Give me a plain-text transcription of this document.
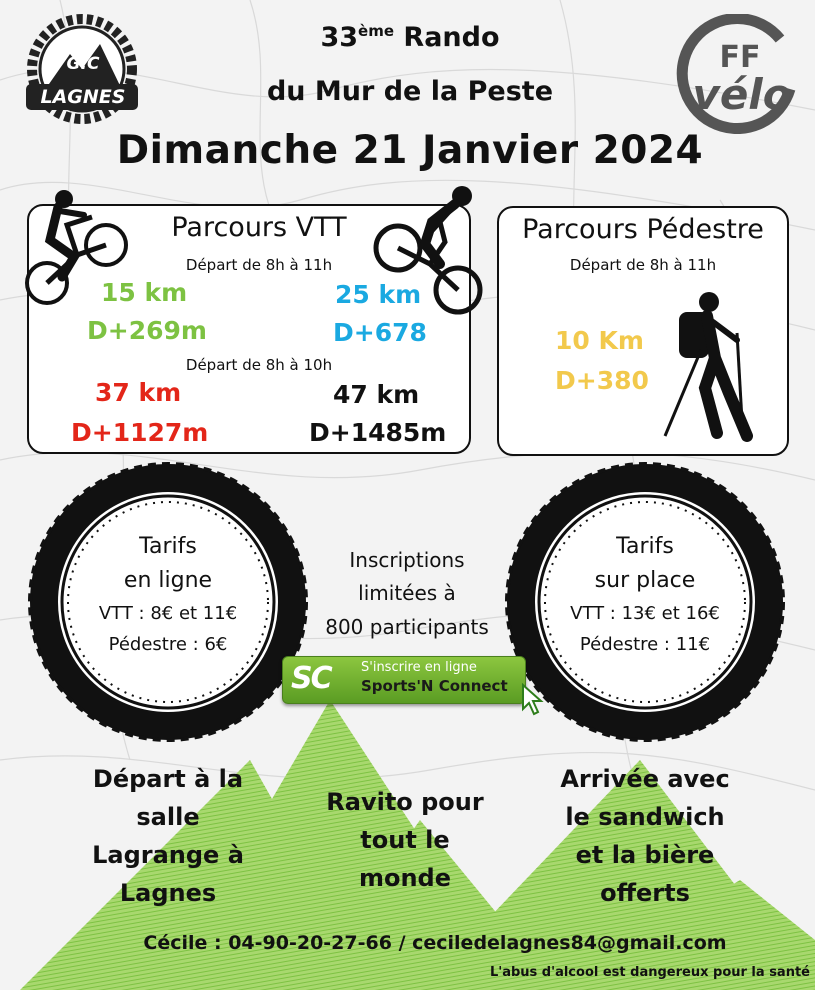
G.C
LAGNES
FF
vélo
33ème Rando
du Mur de la Peste
Dimanche 21 Janvier 2024
Parcours VTT
Départ de 8h à 11h
15 km
D+269m
25 km
D+678
Départ de 8h à 10h
37 km
D+1127m
47 km
D+1485m
Parcours Pédestre
Départ de 8h à 11h
10 Km
D+380
Tarifs
en ligne
VTT : 8€ et 11€
Pédestre : 6€
Tarifs
sur place
VTT : 13€ et 16€
Pédestre : 11€
Inscriptions
limitées à
800 participants
SC	S'inscrire en ligne
Sports'N Connect
Départ à la
salle
Lagrange à
Lagnes
Ravito pour
tout le
monde
Arrivée avec
le sandwich
et la bière
offerts
Cécile : 04-90-20-27-66 / ceciledelagnes84@gmail.com
L'abus d'alcool est dangereux pour la santé
